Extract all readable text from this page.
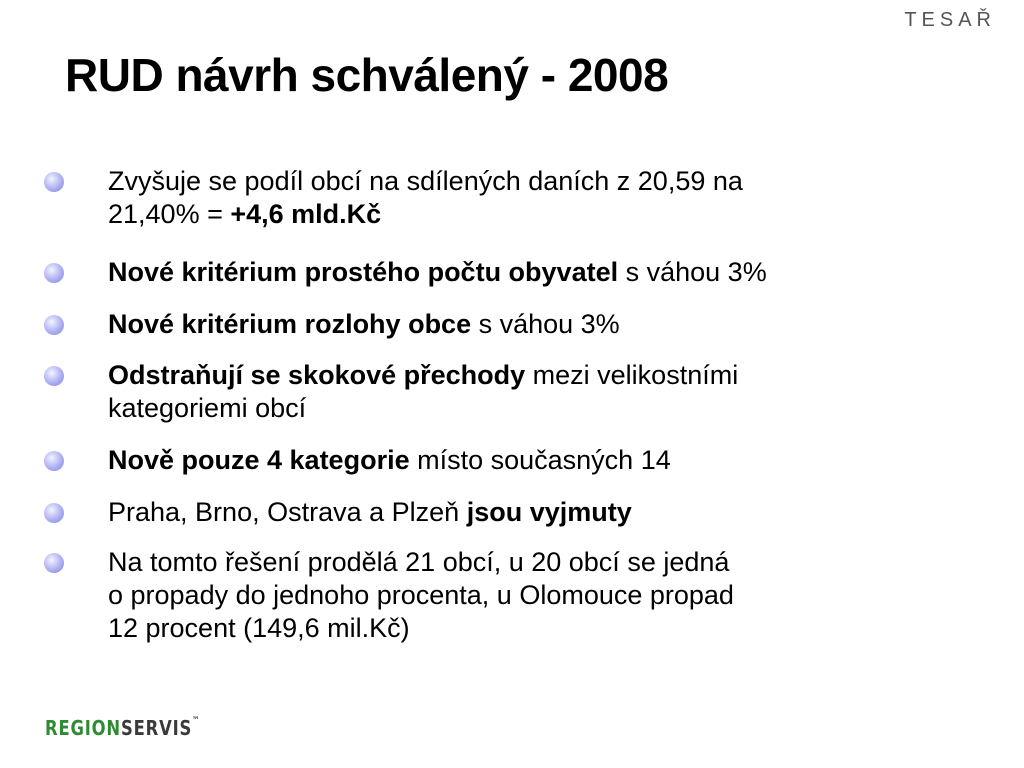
TESAŘ
RUD návrh schválený - 2008
Zvyšuje se podíl obcí na sdílených daních z 20,59 na
21,40% = +4,6 mld.Kč
Nové kritérium prostého počtu obyvatel s váhou 3%
Nové kritérium rozlohy obce s váhou 3%
Odstraňují se skokové přechody mezi velikostními
kategoriemi obcí
Nově pouze 4 kategorie místo současných 14
Praha, Brno, Ostrava a Plzeň jsou vyjmuty
Na tomto řešení prodělá 21 obcí, u 20 obcí se jedná
o propady do jednoho procenta, u Olomouce propad
12 procent (149,6 mil.Kč)
REGIONSERVIS™
